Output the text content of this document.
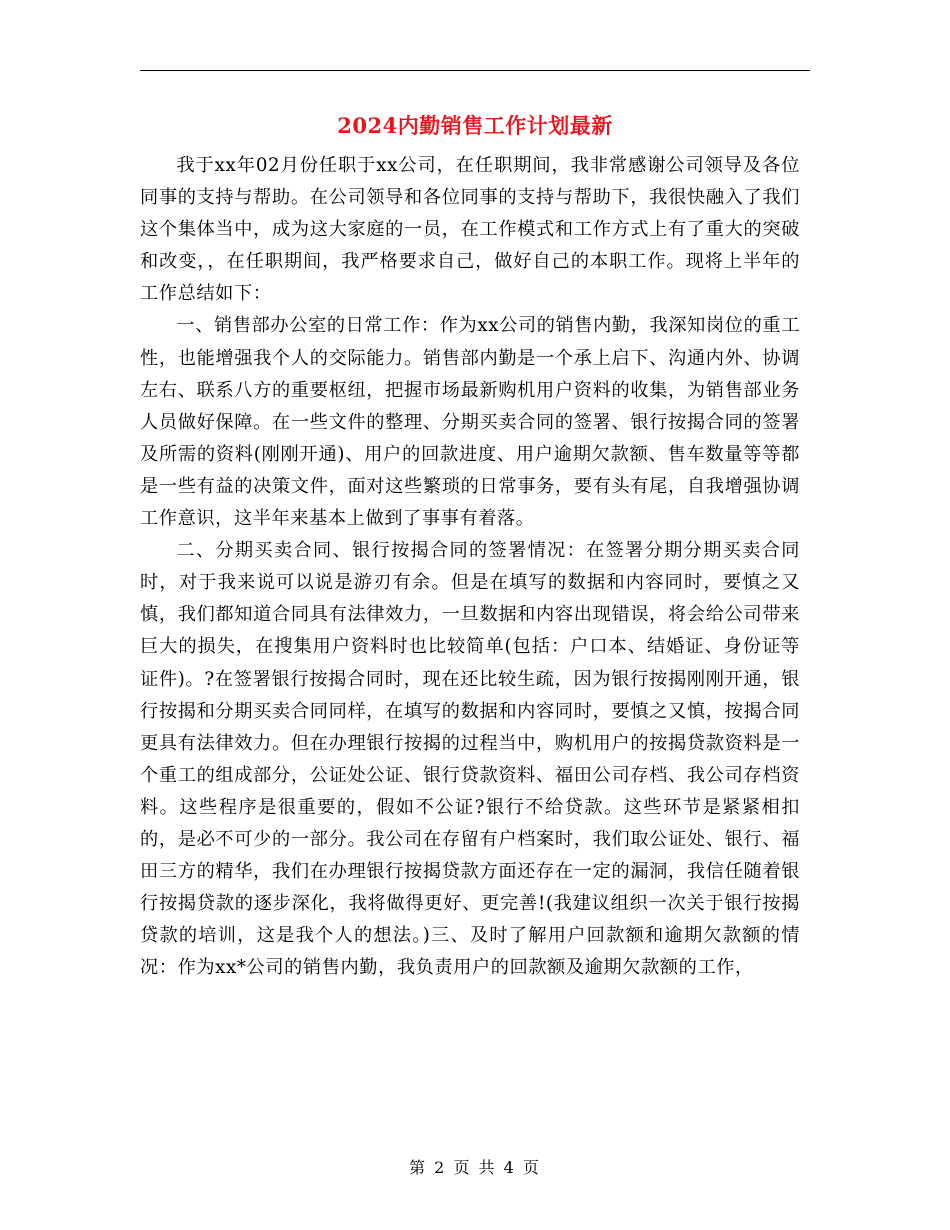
2024内勤销售工作计划最新

我于xx年02月份任职于xx公司，在任职期间，我非常感谢公司领导及各位同事的支持与帮助。在公司领导和各位同事的支持与帮助下，我很快融入了我们这个集体当中，成为这大家庭的一员，在工作模式和工作方式上有了重大的突破和改变，，在任职期间，我严格要求自己，做好自己的本职工作。现将上半年的工作总结如下：

一、销售部办公室的日常工作：作为xx公司的销售内勤，我深知岗位的重工性，也能增强我个人的交际能力。销售部内勤是一个承上启下、沟通内外、协调左右、联系八方的重要枢纽，把握市场最新购机用户资料的收集，为销售部业务人员做好保障。在一些文件的整理、分期买卖合同的签署、银行按揭合同的签署及所需的资料(刚刚开通)、用户的回款进度、用户逾期欠款额、售车数量等等都是一些有益的决策文件，面对这些繁琐的日常事务，要有头有尾，自我增强协调工作意识，这半年来基本上做到了事事有着落。

二、分期买卖合同、银行按揭合同的签署情况：在签署分期分期买卖合同时，对于我来说可以说是游刃有余。但是在填写的数据和内容同时，要慎之又慎，我们都知道合同具有法律效力，一旦数据和内容出现错误，将会给公司带来巨大的损失，在搜集用户资料时也比较简单(包括：户口本、结婚证、身份证等证件)。?在签署银行按揭合同时，现在还比较生疏，因为银行按揭刚刚开通，银行按揭和分期买卖合同同样，在填写的数据和内容同时，要慎之又慎，按揭合同更具有法律效力。但在办理银行按揭的过程当中，购机用户的按揭贷款资料是一个重工的组成部分，公证处公证、银行贷款资料、福田公司存档、我公司存档资料。这些程序是很重要的，假如不公证?银行不给贷款。这些环节是紧紧相扣的，是必不可少的一部分。我公司在存留有户档案时，我们取公证处、银行、福田三方的精华，我们在办理银行按揭贷款方面还存在一定的漏洞，我信任随着银行按揭贷款的逐步深化，我将做得更好、更完善!(我建议组织一次关于银行按揭贷款的培训，这是我个人的想法。)三、及时了解用户回款额和逾期欠款额的情况：作为xx*公司的销售内勤，我负责用户的回款额及逾期欠款额的工作，

第 2 页 共 4 页
